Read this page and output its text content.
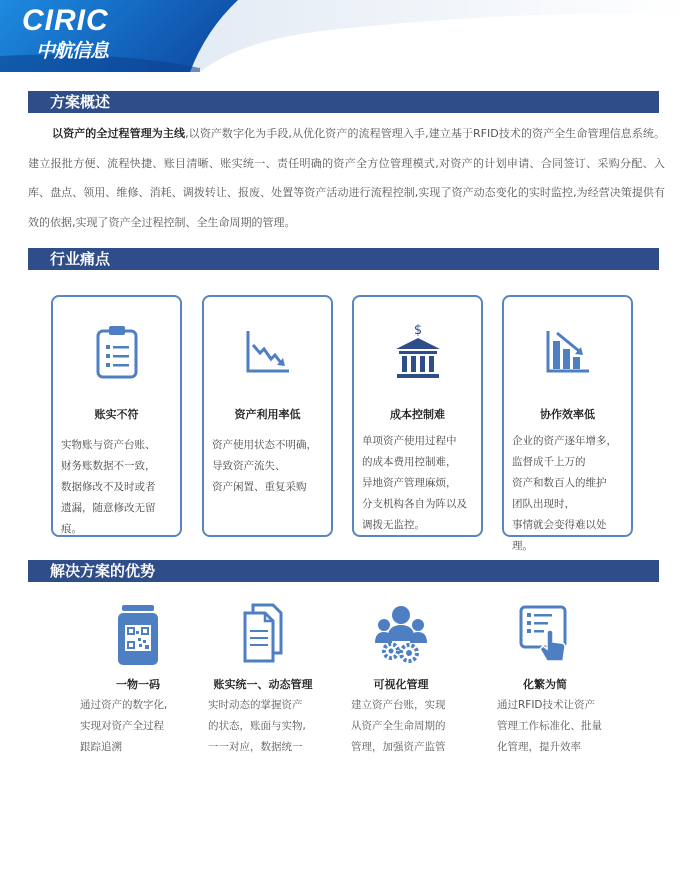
CIRIC
中航信息
方案概述
以资产的全过程管理为主线,以资产数字化为手段,从优化资产的流程管理入手,建立基于RFID技术的资产全生命管理信息系统。建立报批方便、流程快捷、账目清晰、账实统一、责任明确的资产全方位管理模式,对资产的计划申请、合同签订、采购分配、入库、盘点、领用、维修、消耗、调拨转让、报废、处置等资产活动进行流程控制,实现了资产动态变化的实时监控,为经营决策提供有效的依据,实现了资产全过程控制、全生命周期的管理。
行业痛点
账实不符
实物账与资产台账、
财务账数据不一致，
数据修改不及时或者
遗漏，随意修改无留痕。
资产利用率低
资产使用状态不明确，
导致资产流失、
资产闲置、重复采购
$
成本控制难
单项资产使用过程中
的成本费用控制难，
异地资产管理麻烦，
分支机构各自为阵以及
调拨无监控。
协作效率低
企业的资产逐年增多，
监督成千上万的
资产和数百人的维护
团队出现时，
事情就会变得难以处理。
解决方案的优势
一物一码
通过资产的数字化,
实现对资产全过程
跟踪追溯
账实统一、动态管理
实时动态的掌握资产
的状态，账面与实物,
一一对应，数据统一
可视化管理
建立资产台账，实现
从资产全生命周期的
管理，加强资产监管
化繁为简
通过RFID技术让资产
管理工作标准化、批量
化管理，提升效率
